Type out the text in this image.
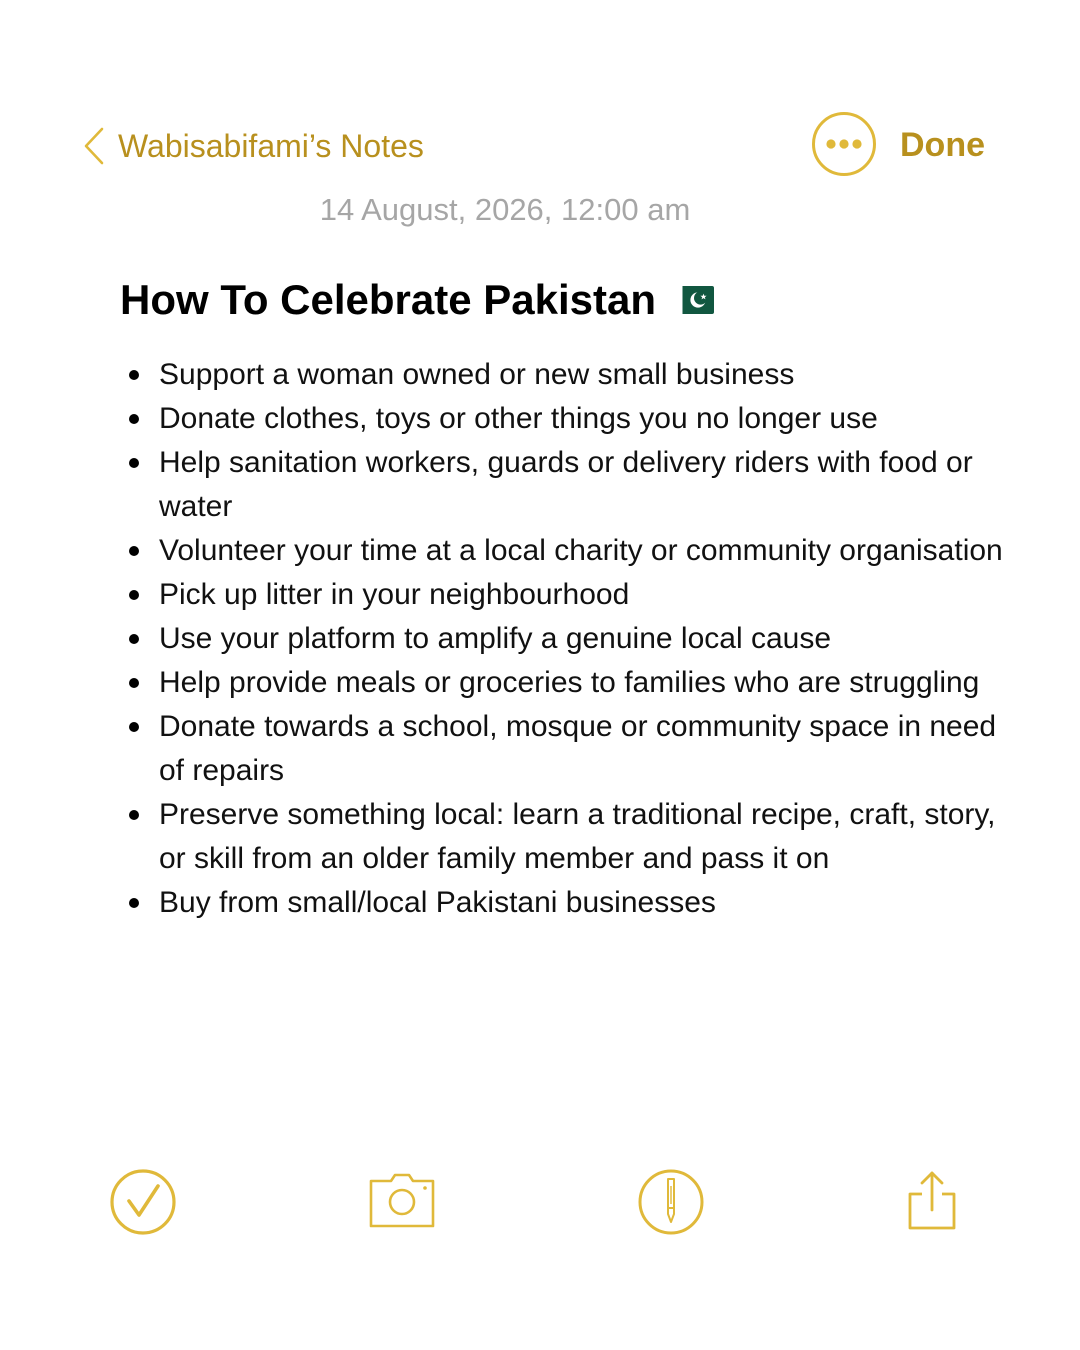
Wabisabifami’s Notes	Done
14 August, 2026, 12:00 am
How To Celebrate Pakistan
Support a woman owned or new small business
Donate clothes, toys or other things you no longer use
Help sanitation workers, guards or delivery riders with food or water
Volunteer your time at a local charity or community organisation
Pick up litter in your neighbourhood
Use your platform to amplify a genuine local cause
Help provide meals or groceries to families who are struggling
Donate towards a school, mosque or community space in need of repairs
Preserve something local: learn a traditional recipe, craft, story, or skill from an older family member and pass it on
Buy from small/local Pakistani businesses
